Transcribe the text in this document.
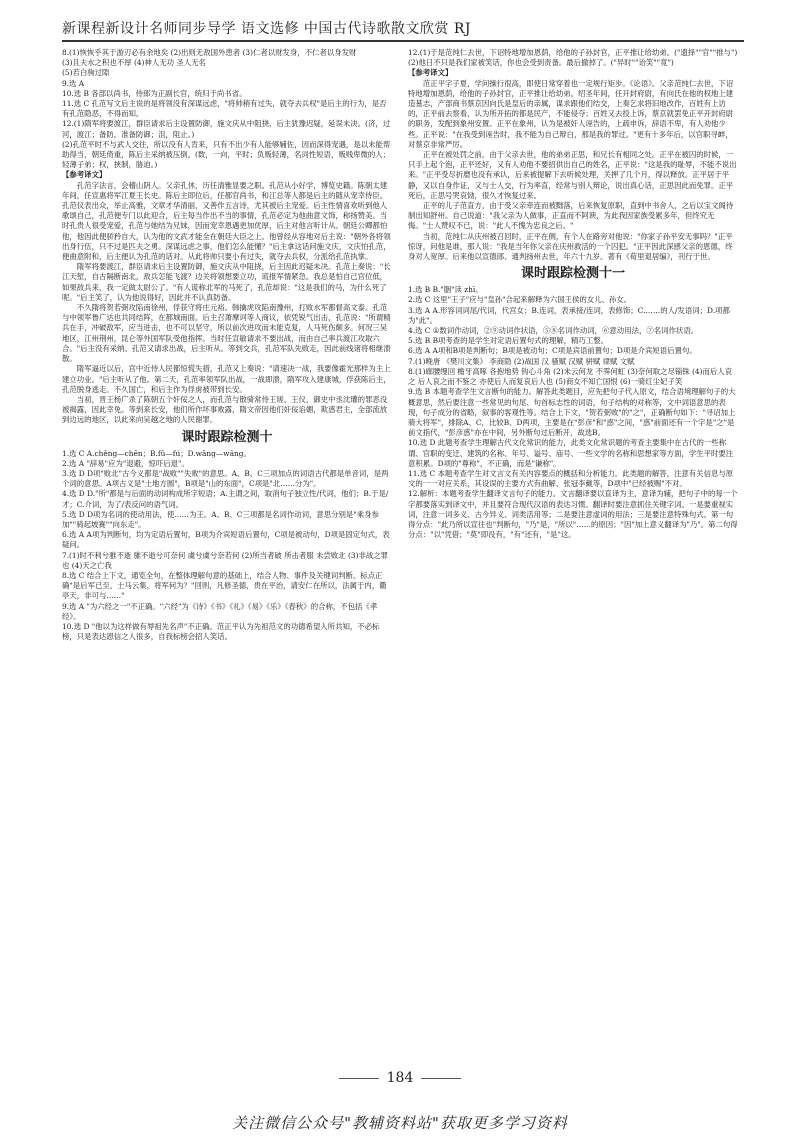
新课程新设计名师同步导学 语文选修 中国古代诗歌散文欣赏 RJ

8.(1)恢恢乎其于游刃必有余地矣 (2)出则无敌国外患者 (3)仁者以财发身，不仁者以身发财

(3)且夫水之积也不厚 (4)神人无功 圣人无名

(5)若白驹过隙

9.选 A

10.选 B 各部以尚书，侍郎为正副长官，统归于尚书省。

11.选 C 孔范写文后主说的是将领没有深谋远虑，"将帅稍有过失，就夺去兵权"是后主的行为，是否有孔范隐恶，不得而知。

12.(1)隋军将要渡江，群臣请求后主设置防御，施文庆从中阻挠，后主犹豫迟疑，延误未决。(济，过河，渡江；备防，准备防御；沮，阻止。)

(2)孔范平时不与武人交往，所以没有人肯来，只有不出少有人能够辅佐，因而深得宠遇，是以未能帮助得当，朝廷倚重，陈后主采纳被压倒。(数，一向，平时；负贩轻薄，名词性短语，贩贱卑微的人；轻薄子弟；权，挟制，胁迫。)

【参考译文】

孔范字法言，会稽山阴人。父亲孔休，历任清雅显要之职。孔范从小好学，博览史籍。陈朝太建年间，任宣惠将军江夏王长史。陈后主即位后，任都官尚书，和江总等人都是后主的随从宠幸侍臣。孔范仪表出众，举止高雅，文章才华清丽，又善作五言诗，尤其被后主宠爱。后主性情喜欢听到他人歌颂自己，孔范便专门以此迎合，后主每当作出不当的事情，孔范必定为他曲意文饰，称扬赞美。当时孔贵人很受宠爱，孔范与她结为兄妹，因而宠幸恩遇更加优厚，后主对他言听计从。朝廷公卿都怕他，他因此便骄矜自大，认为他的文武才能全在朝廷大臣之上。他曾经从容地对后主说："朝外各将领出身行伍，只不过是匹夫之勇。深谋远虑之事，他们怎么能懂？"后主拿这话问施文庆，文庆怕孔范，便曲意附和，后主便认为孔范的话对。从此将帅只要小有过失，就夺去兵权，分派给孔范执掌。

隋军将要渡江，群臣请求后主设置防御，施文庆从中阻挠，后主因此迟疑未决。孔范上奏说："长江天堑，自古隔断南北，敌兵怎能飞渡？边关将领想要立功，谎报军情紧急。我总是怕自己官位低，如果敌兵来，我一定做太尉公了。"有人谎称北军的马死了，孔范却说："这是我们的马，为什么死了呢。"后主笑了，认为他说得好，因此并不认真防备。

不久隋将贺若弼攻陷南徐州，俘获守将庄元裕。韩擒虎攻陷南豫州，打败水军都督高文泰。孔范与中领军鲁广达也共同结阵，在都城南面。后主召萧摩诃等人商议，依凭锐气出击，孔范说："所谓精兵在手，冲破敌军，应当进击，也不可以坚守，所以前次进攻而未能克复，人马死伤颇多。何况三吴地区，江州荆州，昆仑等外国军队受他指挥。当时任宣敏请求不要出战，而由自己率兵渡江攻取六合。"后主没有采纳。孔范又请求出战，后主听从。等到交兵，孔范军队先败走，因此前线诸将相继溃散。

隋军逼近以后，宫中近侍人民都惊慌失措，孔范又上奏说："请速决一战，我要像霍光那样为主上建立功业。"后主听从了他。第二天，孔范率领军队出战，一战即溃，隋军攻入建康城，俘获陈后主，孔范脱身逃走。不久国亡，和后主作为俘虏被带到长安。

当初，晋王杨广杀了陈朝五个奸佞之人，而孔范与散骑常侍王瑳、王仪，御史中丞沈瓘的罪恶没被揭露，因此幸免。等到来长安，他们所作坏事败露，隋文帝因他们奸佞谄媚，欺惑君主，全部流放到边远的地区，以此来向吴越之地的人民谢罪。

课时跟踪检测十

1.选 C A.chěng—chēn；B.fǔ—fú；D.wǎng—wāng。

2.选 A "辞易"应为"退避，惊吓后退"。

3.选 D D项"败北"古今义都是"战败""失败"的意思。A、B、C三项加点的词语古代都是单音词，是两个词的意思。A项古义是"土地方圆"，B项是"山的东面"，C项是"北……分为"。

4.选 D D."所"都是与后面的动词构成所字短语；A.主谓之间，取消句子独立性/代词，他们；B.于是/才；C.介词，为了/表反问的语气词。

5.选 D D项为名词的使动用法，使……为王。A、B、C三项都是名词作动词，意思分别是"乘身参加""骑起坡赛""向东走"。

6.选 A A项为判断句，均为定语后置句，B项为介宾短语后置句，C项是被动句，D项是固定句式，表疑问。

7.(1)时不利兮骓不逝 骓不逝兮可奈何 虞兮虞兮奈若何 (2)所当者破 所击者服 未尝败北 (3)非战之罪也 (4)天之亡我

8.选 C 结合上下文，通览全句，在整体理解句意的基础上，结合人物、事件及关键词判断。标点正确"是后军已至，士马云集，将军何为？"回则，凡修圣德，贵在平治，请安仁在所以，法属于内，衢亭天，非可与……"

9.选 A "为六经之一"不正确。"六经"为《诗》《书》《礼》《易》《乐》《春秋》的合称，不包括《孝经》。

10.选 D "他以为这样做有辱祖先名声"不正确。范正平认为先祖范文的功德希望人所共知，不必标榜，只是表达恩信之人很多，自我标榜会招人笑话。

12.(1)于是范纯仁去世，下诏特地增加恩荫，给他的子孙封官，正平推让给幼弟。("遗择""官""推与")

(2)他日不只是我们家被笑话，你也会受到责备。最后撤掉了。("异时""诒笑""竟")

【参考译文】

范正平字子夏，学问操行很高，即使日常穿着也一定规行矩步。《论语》。父亲范纯仁去世，下诏特地增加恩荫，给他的子孙封官，正平推让给幼弟。绍圣年间，任开封府尉，有向氏在他的权地上建造墓志，产部商书蔡京因向氏是皇后的亲属，谋求跟他们结交，上奏乞求将旧地改作，百姓有上访的，正平前去察看，认为所开拓的都是民产，不能侵夺；百姓又去投上诉，蔡京就罢免正平开封府尉的职务，发配到象州安置。正平在象州，认为是被奸人诬告的，上疏申诉，辞语不卑，有人劝他少些。正平说："在我受到诬告时，我不能为自己辩白，那是我的罪过。"更有十多年后，以官职寻衅，对蔡京非常严厉。

正平在被处罚之前，由于父亲去世，他的弟弟正思，和兄长有相同之处。正平在被囚的时候，一只手上起个泡，正平还好，又有人劝他不要招供出自己的姓名，正平说："这是我的耻辱，不能不说出来。"正平受尽折磨也没有承认，后来被提解下去听候处理，关押了几个月，得以释放。正平居于平静，又以自身作证，又与士人交，行为率直，经常与别人辩论，说出真心话，正思因此而免罪。正平死后，正思号哭哀恸，很久才恢复过来。

正平的儿子范直方，由于受父亲牵连而被黜落，后来恢复原职，直到中书舍人，之后以宝文阁待制出知舒州。自己说道："我父亲为人做事，正直而不阿谀，为此我因家族受累多年，但终究无悔。"士人赞叹不已，说："此人不愧为忠良之后。"

当初，范纯仁从庆州被召回时，正平在侧，有个人在路旁对他说："你家子孙平安无事吗？"正平惊讶，问他是谁，那人说："我是当年你父亲在庆州救活的一个囚犯。"正平因此深感父亲的恩德，终身对人宽厚。后来他以宣德郎、通判扬州去世，年六十九岁。著有《荀里退居编》，刊行于世。

课时跟踪检测十一

1.选 B B."胭"读 zhī。

2.选 C 这里"王子"应与"皇孙"合起来解释为六国王侯的女儿、孙女。

3.选 A A.形容词词尾/代词，代宫女；B.连词，表承接/连词，表修饰；C.……的人/发语词；D.项都为"此"。

4.选 C ①数词作动词，②⑨动词作状语，⑤⑧名词作动词，⑥意动用法，⑦名词作状语。

5.选 B B项考查的是学生对定语后置句式的理解，精巧工整。

6.选 A A项和B项是判断句；B项是被动句；C项是宾语前置句；D项是介宾短语后置句。

7.(1)晚唐 《樊川文集》 李商隐 (2)战国 汉 骚赋 汉赋 骈赋 律赋 文赋

8.(1)廊腰缦回 檐牙高啄 各抱地势 钩心斗角 (2)未云何龙 不霁何虹 (3)奈何取之尽锱铢 (4)而后人哀之 后人哀之而不鉴之 亦使后人而复哀后人也 (5)商女不知亡国恨 (6)一骑红尘妃子笑

9.选 B 本题考查学生文言断句的能力。解答此类题目，应先把句子代入原文，结合语境理解句子的大概意思，然后要注意一些常见的句尾、句首标志性的词语，句子结构的对称等，文中词语意思的表现，句子成分的省略，叙事的客观性等。结合上下文，"贺若弼败"的"之"，正确断句如下："寻诏加上骑大将军"，排除A、C，比较B、D两项，主要是在"彭彦"和"惑"之间，"惑"前面还有一个字是"之"是前文指代，"彭彦惑"亦在中间，另外断句过后断开，故选B。

10.选 D 此题考查学生理解古代文化常识的能力，此类文化常识题的考查主要集中在古代的一些称谓、官职的变迁、建筑的名称、年号、谥号、庙号、一些文学的名称和思想家等方面，学生平时要注意积累。D项的"尊称"，不正确，而是"谦称"。

11.选 C 本题考查学生对文言文有关内容要点的概括和分析能力。此类题的解答，注意有关信息与原文的一一对应关系，其设误的主要方式有曲解、张冠李戴等，D项中"已经被赐"不对。

12.解析：本题考查学生翻译文言句子的能力。文言翻译要以直译为主，意译为辅，把句子中的每一个字都要落实到译文中，并且要符合现代汉语的表达习惯。翻译时要注意抓住关键字词。一是要重视实词，注意一词多义、古今异义、词类活用等；二是要注意虚词的用法；三是要注意特殊句式。第一句得分点："此乃所以宣往也"判断句，"乃"是，"所以"……的原因；"因"加上意义翻译为"乃"。第二句得分点："以"凭借；"莫"即没有，"有"还有，"是"这。

184
关注微信公众号"教辅资料站"获取更多学习资料
